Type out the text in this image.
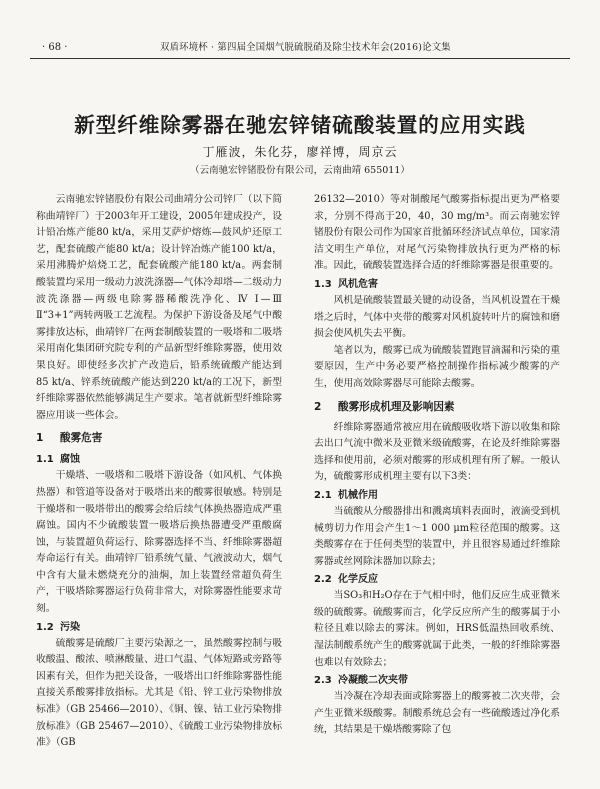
· 68 ·	双盾环境杯 · 第四届全国烟气脱硫脱硝及除尘技术年会(2016)论文集
新型纤维除雾器在驰宏锌锗硫酸装置的应用实践
丁雁波，朱化芬，廖祥博，周京云
（云南驰宏锌锗股份有限公司，云南曲靖 655011）

云南驰宏锌锗股份有限公司曲靖分公司锌厂（以下简称曲靖锌厂）于2003年开工建设，2005年建成投产，设计铅冶炼产能80 kt/a，采用艾萨炉熔炼—鼓风炉还原工艺，配套硫酸产能80 kt/a；设计锌冶炼产能100 kt/a，采用沸腾炉焙烧工艺，配套硫酸产能180 kt/a。两套制酸装置均采用一级动力波洗涤器—气体冷却塔—二级动力波洗涤器—两级电除雾器稀酸洗净化、Ⅳ Ⅰ—Ⅲ Ⅱ“3+1”两转两吸工艺流程。为保护下游设备及尾气中酸雾排放达标，曲靖锌厂在两套制酸装置的一吸塔和二吸塔采用南化集团研究院专利的产品新型纤维除雾器，使用效果良好。即使经多次扩产改造后，铅系统硫酸产能达到85 kt/a、锌系统硫酸产能达到220 kt/a的工况下，新型纤维除雾器依然能够满足生产要求。笔者就新型纤维除雾器应用谈一些体会。

1 酸雾危害
1.1 腐蚀

干燥塔、一吸塔和二吸塔下游设备（如风机、气体换热器）和管道等设备对于吸塔出来的酸雾很敏感。特别是干燥塔和一吸塔带出的酸雾会给后续气体换热器造成严重腐蚀。国内不少硫酸装置一吸塔后换热器遭受严重酸腐蚀，与装置超负荷运行、除雾器选择不当、纤维除雾器超寿命运行有关。曲靖锌厂铅系统气量、气液波动大，烟气中含有大量未燃烧充分的油焖，加上装置经常超负荷生产，干吸塔除雾器运行负荷非常大，对除雾器性能要求苛刻。

1.2 污染

硫酸雾是硫酸厂主要污染源之一，虽然酸雾控制与吸收酸温、酸浓、喷淋酸量、进口气温、气体短路或旁路等因素有关，但作为把关设备，一吸塔出口纤维除雾器性能直接关系酸雾排放指标。尤其是《铅、锌工业污染物排放标准》（GB 25466—2010）、《铜、镍、钴工业污染物排放标准》（GB 25467—2010）、《硫酸工业污染物排放标准》（GB

26132—2010）等对制酸尾气酸雾指标提出更为严格要求，分别不得高于20，40，30 mg/m³。而云南驰宏锌锗股份有限公司作为国家首批循环经济试点单位，国家清洁文明生产单位，对尾气污染物排放执行更为严格的标准。因此，硫酸装置选择合适的纤维除雾器是很重要的。

1.3 风机危害

风机是硫酸装置最关键的动设备，当风机设置在干燥塔之后时，气体中夹带的酸雾对风机旋转叶片的腐蚀和磨损会使风机失去平衡。

笔者以为，酸雾已成为硫酸装置跑冒滴漏和污染的重要原因，生产中务必要严格控制操作指标减少酸雾的产生，使用高效除雾器尽可能除去酸雾。

2 酸雾形成机理及影响因素

纤维除雾器通常被应用在硫酸吸收塔下游以收集和除去出口气流中微米及亚微米级硫酸雾，在论及纤维除雾器选择和使用前，必须对酸雾的形成机理有所了解。一般认为，硫酸雾形成机理主要有以下3类：

2.1 机械作用

当硫酸从分酸器排出和溅离填料表面时，液滴受到机械剪切力作用会产生1～1 000 μm粒径范围的酸雾。这类酸雾存在于任何类型的装置中，并且很容易通过纤维除雾器或丝网除沫器加以除去；

2.2 化学反应

当SO₃和H₂O存在于气相中时，他们反应生成亚微米级的硫酸雾。硫酸雾而言，化学反应所产生的酸雾属于小粒径且难以除去的雾沫。例如，HRS低温热回收系统、湿法制酸系统产生的酸雾就属于此类，一般的纤维除雾器也难以有效除去；

2.3 冷凝酸二次夹带

当冷凝在冷却表面或除雾器上的酸雾被二次夹带，会产生亚微米级酸雾。制酸系统总会有一些硫酸透过净化系统，其结果是干燥塔酸雾除了包
